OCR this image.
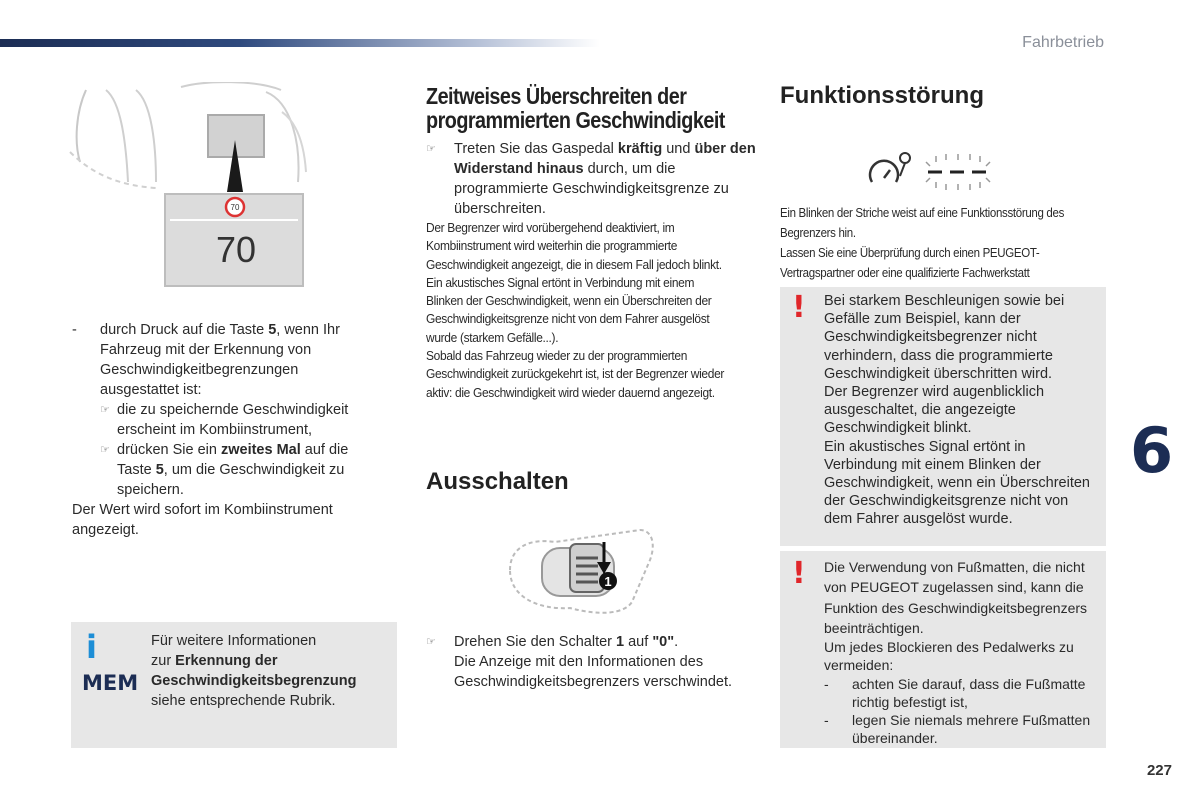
Fahrbetrieb
6
227
70
70

- durch Druck auf die Taste 5, wenn Ihr Fahrzeug mit der Erkennung von Geschwindigkeitbegrenzungen ausgestattet ist:

☞ die zu speichernde Geschwindigkeit erscheint im Kombiinstrument,

☞ drücken Sie ein zweites Mal auf die Taste 5, um die Geschwindigkeit zu speichern.

Der Wert wird sofort im Kombiinstrument angezeigt.

i
MEM

Für weitere Informationen

zur Erkennung der Geschwindigkeitsbegrenzung

siehe entsprechende Rubrik.

Zeitweises Überschreiten der programmierten Geschwindigkeit

☞ Treten Sie das Gaspedal kräftig und über den Widerstand hinaus durch, um die programmierte Geschwindigkeitsgrenze zu überschreiten.

Der Begrenzer wird vorübergehend deaktiviert, im Kombiinstrument wird weiterhin die programmierte Geschwindigkeit angezeigt, die in diesem Fall jedoch blinkt.

Ein akustisches Signal ertönt in Verbindung mit einem Blinken der Geschwindigkeit, wenn ein Überschreiten der Geschwindigkeitsgrenze nicht von dem Fahrer ausgelöst wurde (starkem Gefälle...).

Sobald das Fahrzeug wieder zu der programmierten Geschwindigkeit zurückgekehrt ist, ist der Begrenzer wieder aktiv: die Geschwindigkeit wird wieder dauernd angezeigt.

Ausschalten
1

☞ Drehen Sie den Schalter 1 auf "0".

Die Anzeige mit den Informationen des Geschwindigkeitsbegrenzers verschwindet.

Funktionsstörung

Ein Blinken der Striche weist auf eine Funktionsstörung des Begrenzers hin.

Lassen Sie eine Überprüfung durch einen PEUGEOT-Vertragspartner oder eine qualifizierte Fachwerkstatt

! Bei starkem Beschleunigen sowie bei Gefälle zum Beispiel, kann der Geschwindigkeitsbegrenzer nicht verhindern, dass die programmierte Geschwindigkeit überschritten wird.

Der Begrenzer wird augenblicklich ausgeschaltet, die angezeigte Geschwindigkeit blinkt.

Ein akustisches Signal ertönt in Verbindung mit einem Blinken der Geschwindigkeit, wenn ein Überschreiten der Geschwindigkeitsgrenze nicht von dem Fahrer ausgelöst wurde.

! Die Verwendung von Fußmatten, die nicht von PEUGEOT zugelassen sind, kann die Funktion des Geschwindigkeitsbegrenzers beeinträchtigen.

Um jedes Blockieren des Pedalwerks zu vermeiden:

- achten Sie darauf, dass die Fußmatte richtig befestigt ist,

- legen Sie niemals mehrere Fußmatten übereinander.
